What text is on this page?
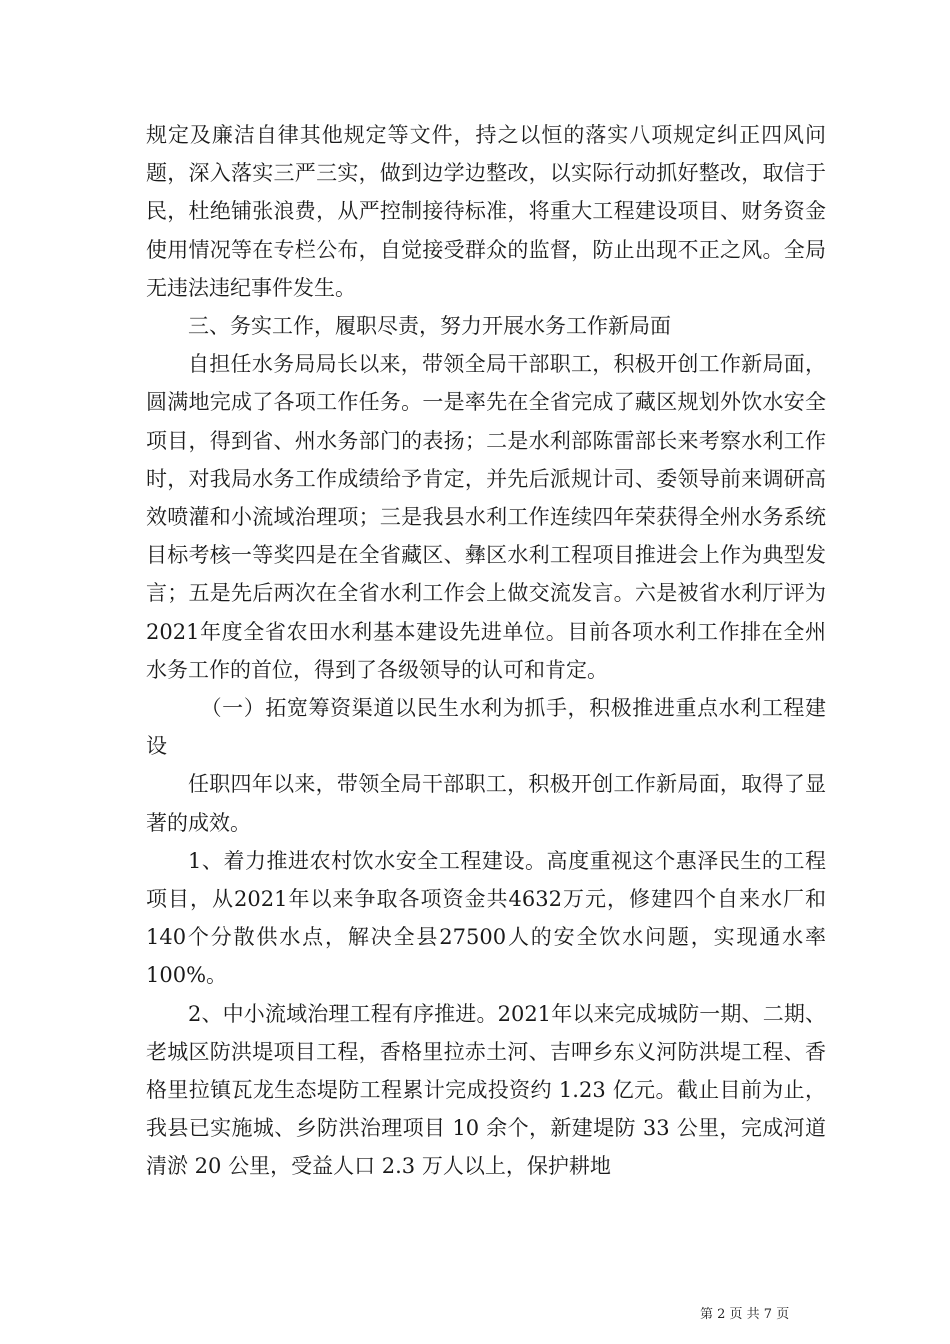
规定及廉洁自律其他规定等文件，持之以恒的落实八项规定纠正四风问题，深入落实三严三实，做到边学边整改，以实际行动抓好整改，取信于民，杜绝铺张浪费，从严控制接待标准，将重大工程建设项目、财务资金使用情况等在专栏公布，自觉接受群众的监督，防止出现不正之风。全局无违法违纪事件发生。

三、务实工作，履职尽责，努力开展水务工作新局面

自担任水务局局长以来，带领全局干部职工，积极开创工作新局面，圆满地完成了各项工作任务。一是率先在全省完成了藏区规划外饮水安全项目，得到省、州水务部门的表扬；二是水利部陈雷部长来考察水利工作时，对我局水务工作成绩给予肯定，并先后派规计司、委领导前来调研高效喷灌和小流域治理项；三是我县水利工作连续四年荣获得全州水务系统目标考核一等奖四是在全省藏区、彝区水利工程项目推进会上作为典型发言；五是先后两次在全省水利工作会上做交流发言。六是被省水利厅评为2021年度全省农田水利基本建设先进单位。目前各项水利工作排在全州水务工作的首位，得到了各级领导的认可和肯定。

（一）拓宽筹资渠道以民生水利为抓手，积极推进重点水利工程建设

任职四年以来，带领全局干部职工，积极开创工作新局面，取得了显著的成效。

1、着力推进农村饮水安全工程建设。高度重视这个惠泽民生的工程项目，从2021年以来争取各项资金共4632万元，修建四个自来水厂和140个分散供水点，解决全县27500人的安全饮水问题，实现通水率100%。

2、中小流域治理工程有序推进。2021年以来完成城防一期、二期、老城区防洪堤项目工程，香格里拉赤土河、吉呷乡东义河防洪堤工程、香格里拉镇瓦龙生态堤防工程累计完成投资约 1.23 亿元。截止目前为止，我县已实施城、乡防洪治理项目 10 余个，新建堤防 33 公里，完成河道清淤 20 公里，受益人口 2.3 万人以上，保护耕地

第 2 页 共 7 页
